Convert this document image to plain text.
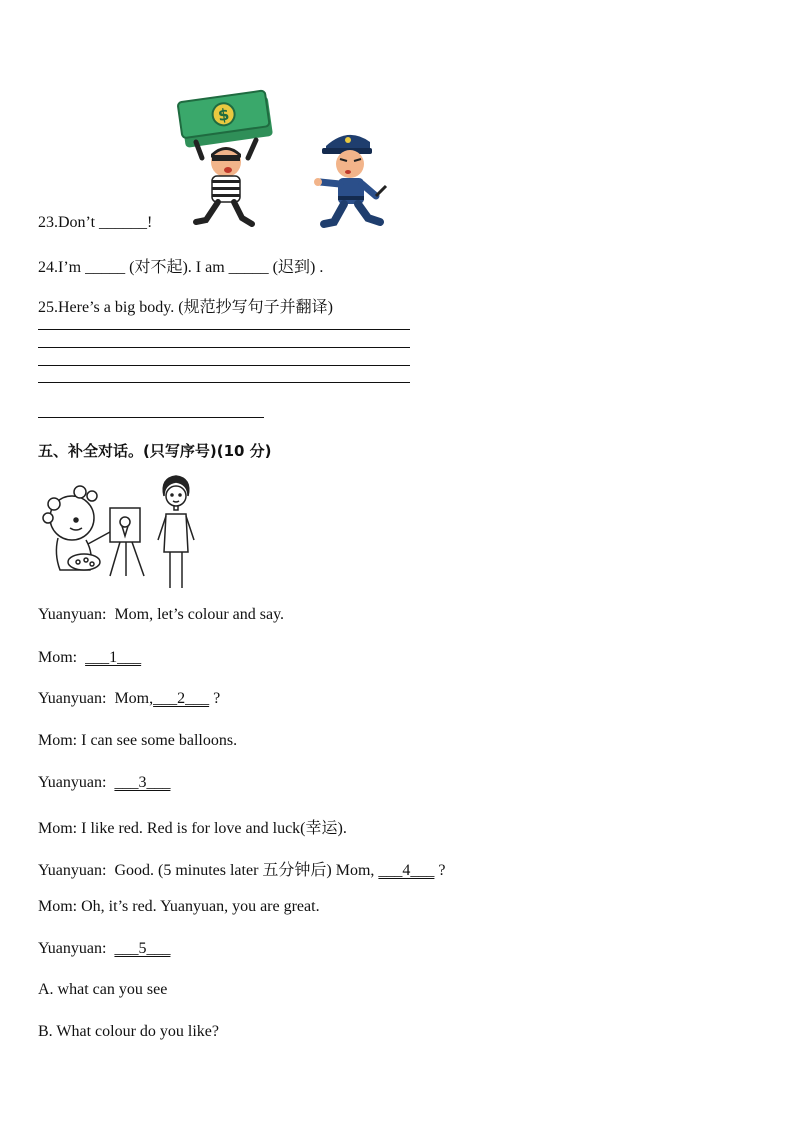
$
23.Don’t ______!
24.I’m _____ (对不起). I am _____ (迟到) .
25.Here’s a big body. (规范抄写句子并翻译)
五、补全对话。(只写序号)(10 分)
Yuanyuan: Mom, let’s colour and say.
Mom: ___1___
Yuanyuan: Mom,___2___ ?
Mom: I can see some balloons.
Yuanyuan: ___3___
Mom: I like red. Red is for love and luck(幸运).
Yuanyuan: Good. (5 minutes later 五分钟后) Mom, ___4___ ?
Mom: Oh, it’s red. Yuanyuan, you are great.
Yuanyuan: ___5___
A. what can you see
B. What colour do you like?
